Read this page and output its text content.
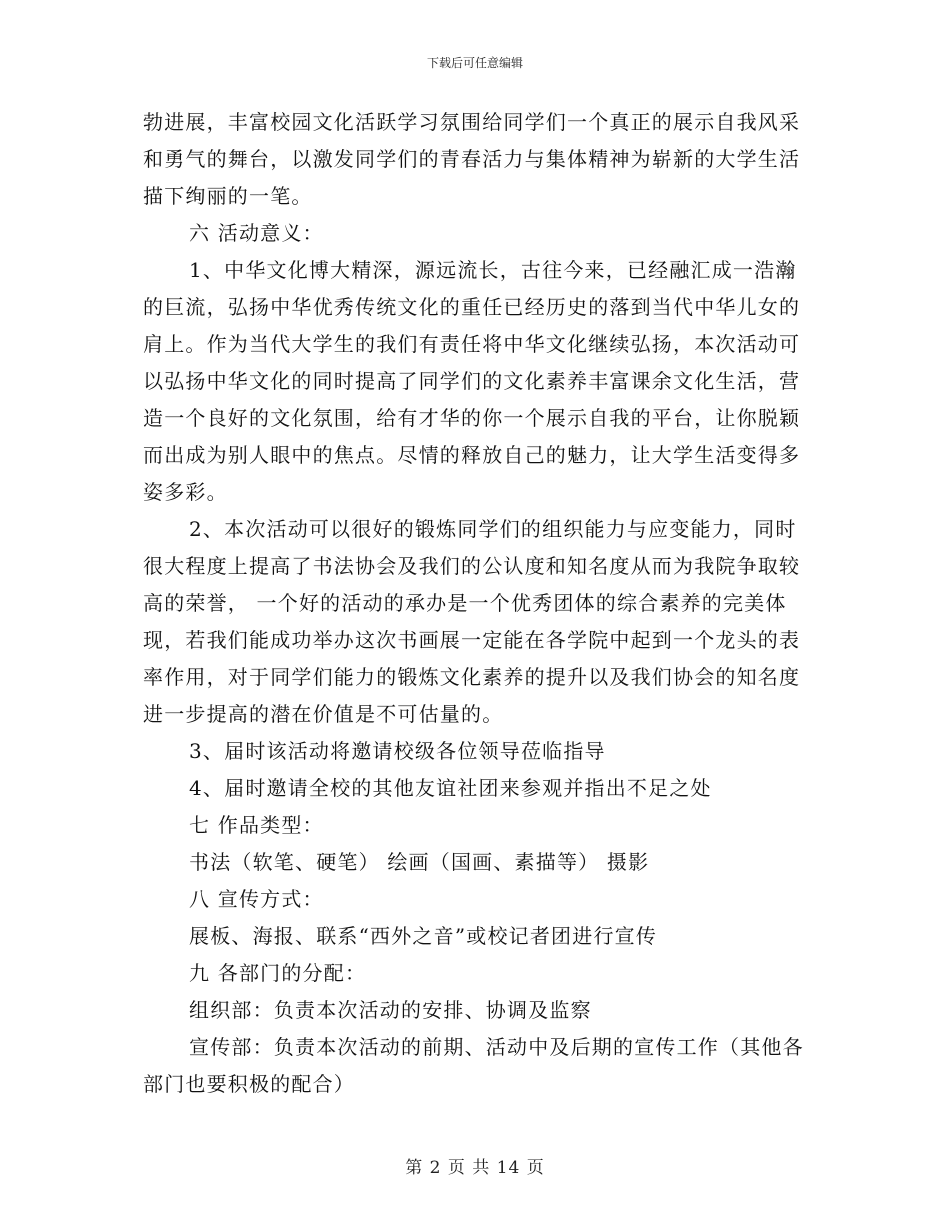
下载后可任意编辑

勃进展，丰富校园文化活跃学习氛围给同学们一个真正的展示自我风采和勇气的舞台，以激发同学们的青春活力与集体精神为崭新的大学生活描下绚丽的一笔。

六 活动意义：

1、中华文化博大精深，源远流长，古往今来，已经融汇成一浩瀚的巨流，弘扬中华优秀传统文化的重任已经历史的落到当代中华儿女的肩上。作为当代大学生的我们有责任将中华文化继续弘扬，本次活动可以弘扬中华文化的同时提高了同学们的文化素养丰富课余文化生活，营造一个良好的文化氛围，给有才华的你一个展示自我的平台，让你脱颖而出成为别人眼中的焦点。尽情的释放自己的魅力，让大学生活变得多姿多彩。

2、本次活动可以很好的锻炼同学们的组织能力与应变能力，同时很大程度上提高了书法协会及我们的公认度和知名度从而为我院争取较高的荣誉， 一个好的活动的承办是一个优秀团体的综合素养的完美体现，若我们能成功举办这次书画展一定能在各学院中起到一个龙头的表率作用，对于同学们能力的锻炼文化素养的提升以及我们协会的知名度进一步提高的潜在价值是不可估量的。

3、届时该活动将邀请校级各位领导莅临指导

4、届时邀请全校的其他友谊社团来参观并指出不足之处

七 作品类型：

书法（软笔、硬笔） 绘画（国画、素描等） 摄影

八 宣传方式：

展板、海报、联系“西外之音”或校记者团进行宣传

九 各部门的分配：

组织部：负责本次活动的安排、协调及监察

宣传部：负责本次活动的前期、活动中及后期的宣传工作（其他各部门也要积极的配合）

第 2 页 共 14 页
